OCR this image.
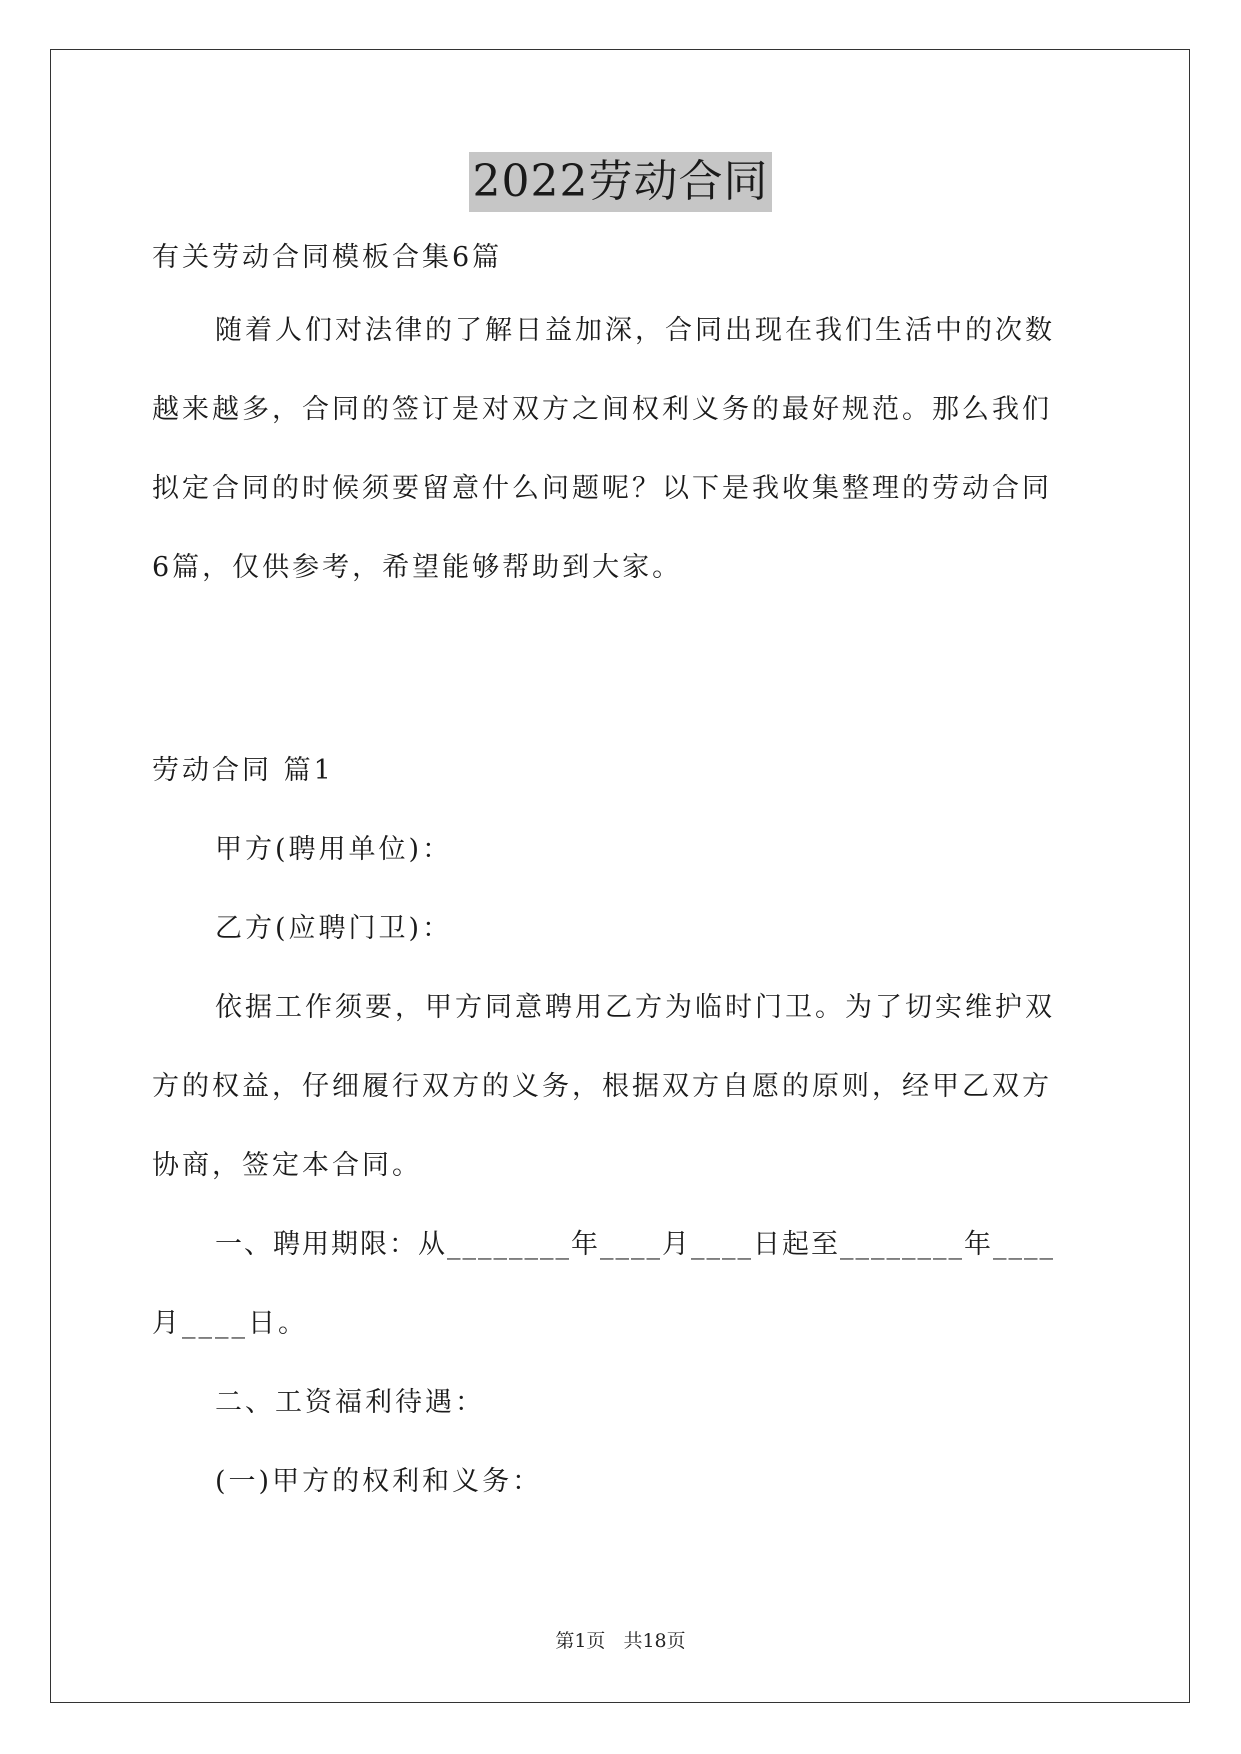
2022劳动合同
有关劳动合同模板合集6篇
随着人们对法律的了解日益加深，合同出现在我们生活中的次数
越来越多，合同的签订是对双方之间权利义务的最好规范。那么我们
拟定合同的时候须要留意什么问题呢？以下是我收集整理的劳动合同
6篇，仅供参考，希望能够帮助到大家。
劳动合同 篇1
甲方(聘用单位)：
乙方(应聘门卫)：
依据工作须要，甲方同意聘用乙方为临时门卫。为了切实维护双
方的权益，仔细履行双方的义务，根据双方自愿的原则，经甲乙双方
协商，签定本合同。
一、聘用期限：从________年____月____日起至________年____
月____日。
二、工资福利待遇：
(一)甲方的权利和义务：
第1页 共18页
